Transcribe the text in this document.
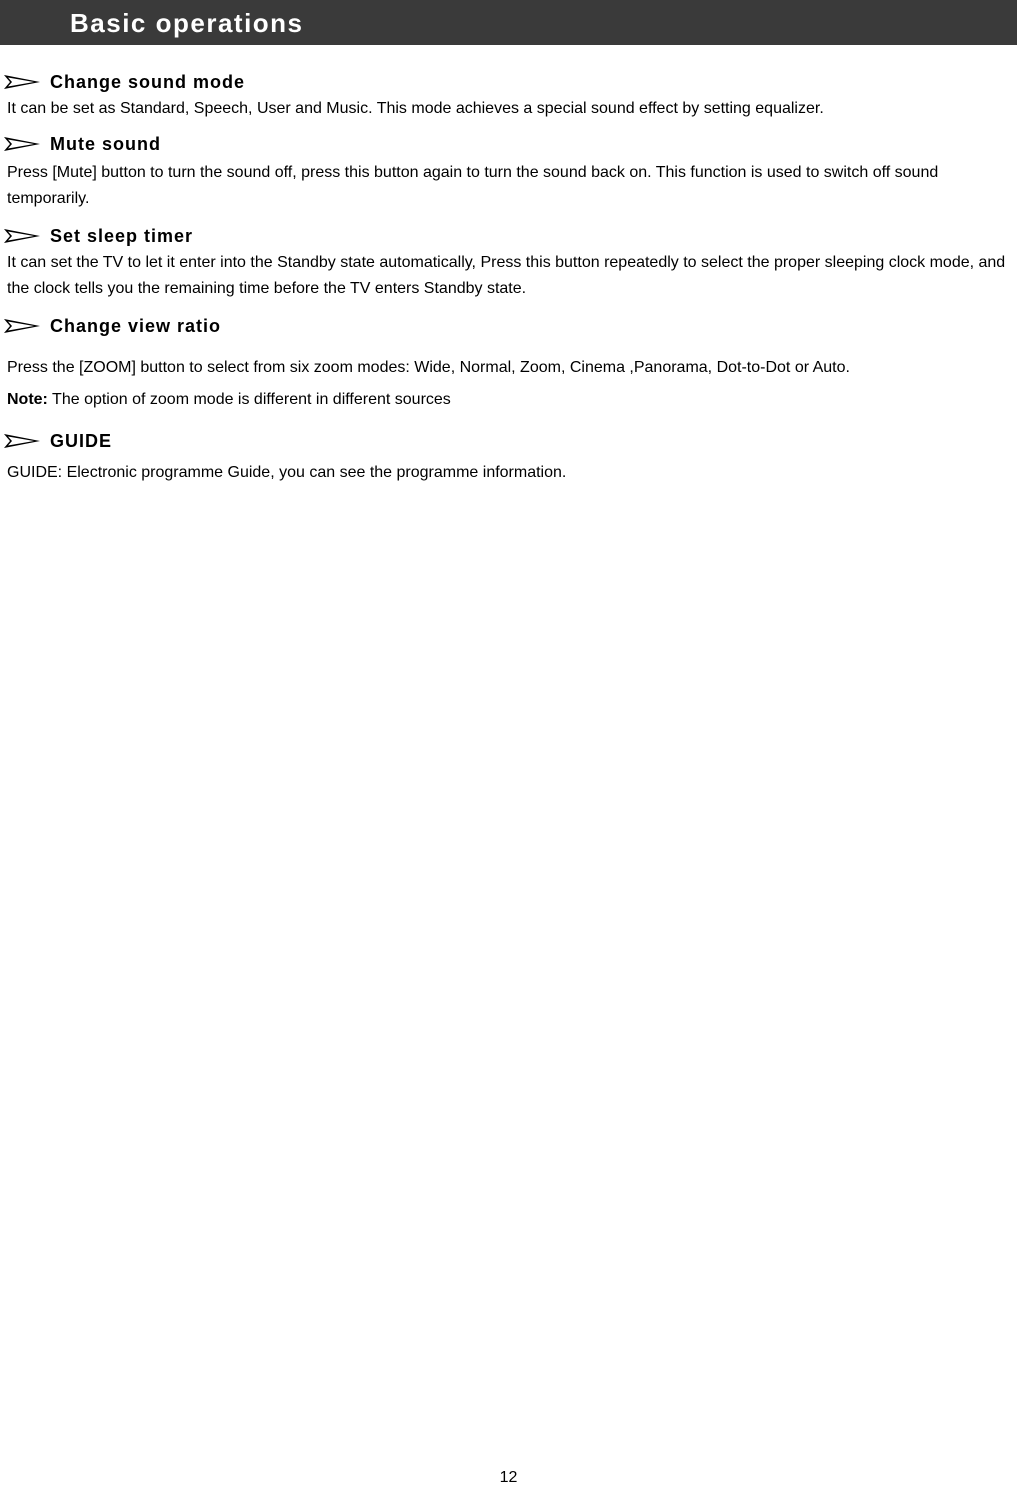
Basic operations
Change sound mode
It can be set as Standard, Speech, User and Music. This mode achieves a special sound effect by setting equalizer.
Mute sound
Press [Mute] button to turn the sound off, press this button again to turn the sound back on. This function is used to switch off sound temporarily.
Set sleep timer
It can set the TV to let it enter into the Standby state automatically, Press this button repeatedly to select the proper sleeping clock mode, and the clock tells you the remaining time before the TV enters Standby state.
Change view ratio
Press the [ZOOM] button to select from six zoom modes: Wide, Normal, Zoom, Cinema ,Panorama, Dot-to-Dot or Auto.
Note: The option of zoom mode is different in different sources
GUIDE
GUIDE: Electronic programme Guide, you can see the programme information.
12
